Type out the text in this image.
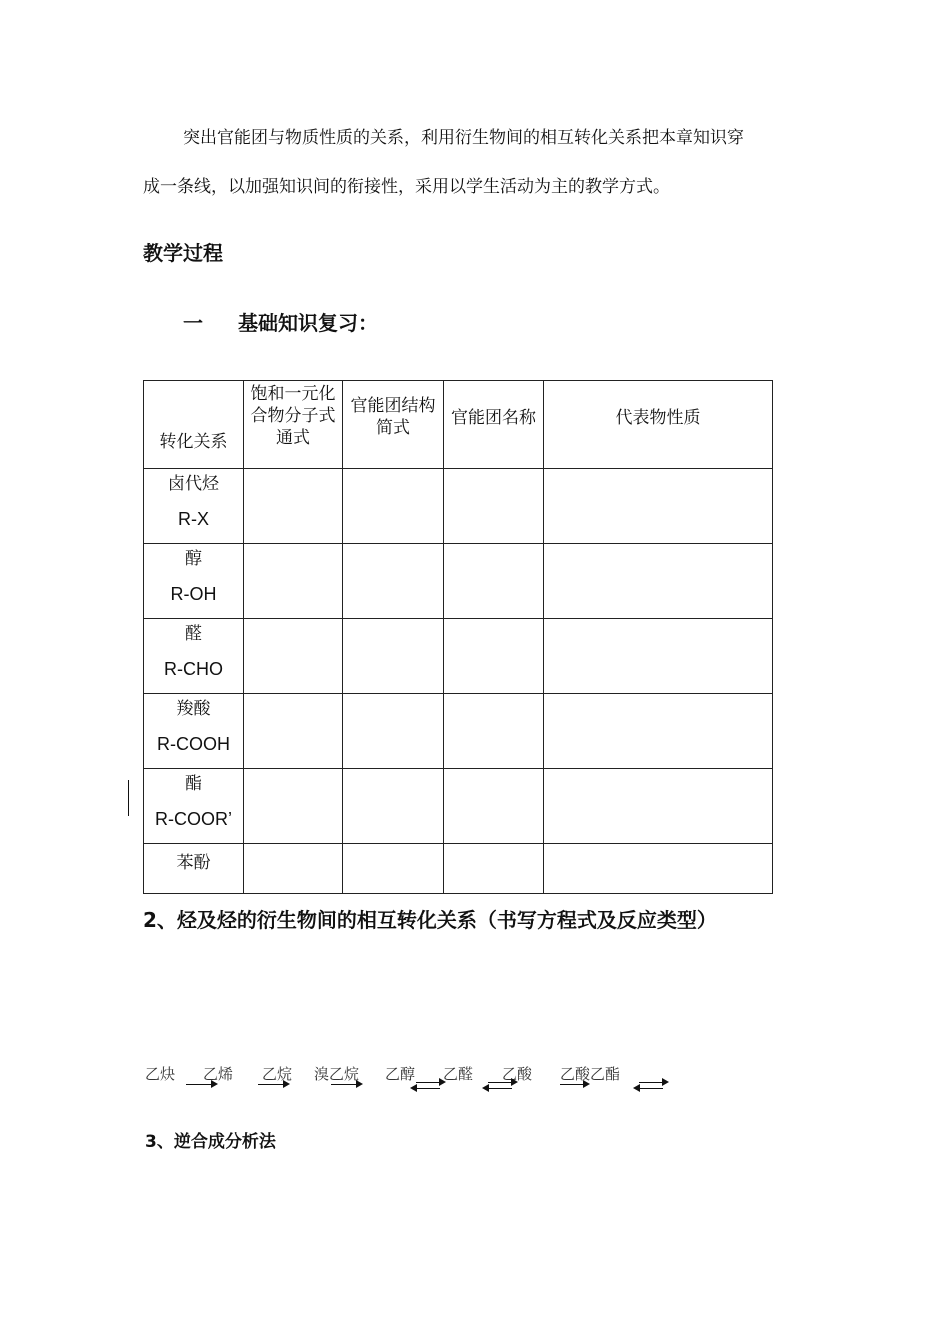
突出官能团与物质性质的关系，利用衍生物间的相互转化关系把本章知识穿
成一条线，以加强知识间的衔接性，采用以学生活动为主的教学方式。
教学过程
一 基础知识复习：
转化关系	饱和一元化合物分子式通式	官能团结构简式	官能团名称	代表物性质

卤代烃
R-X				

醇
R-OH				

醛
R-CHO				

羧酸
R-COOH				

酯
R-COOR’				

苯酚				

2、烃及烃的衍生物间的相互转化关系（书写方程式及反应类型）
乙炔 乙烯 乙烷 溴乙烷 乙醇 乙醛 乙酸 乙酸乙酯
3、逆合成分析法
